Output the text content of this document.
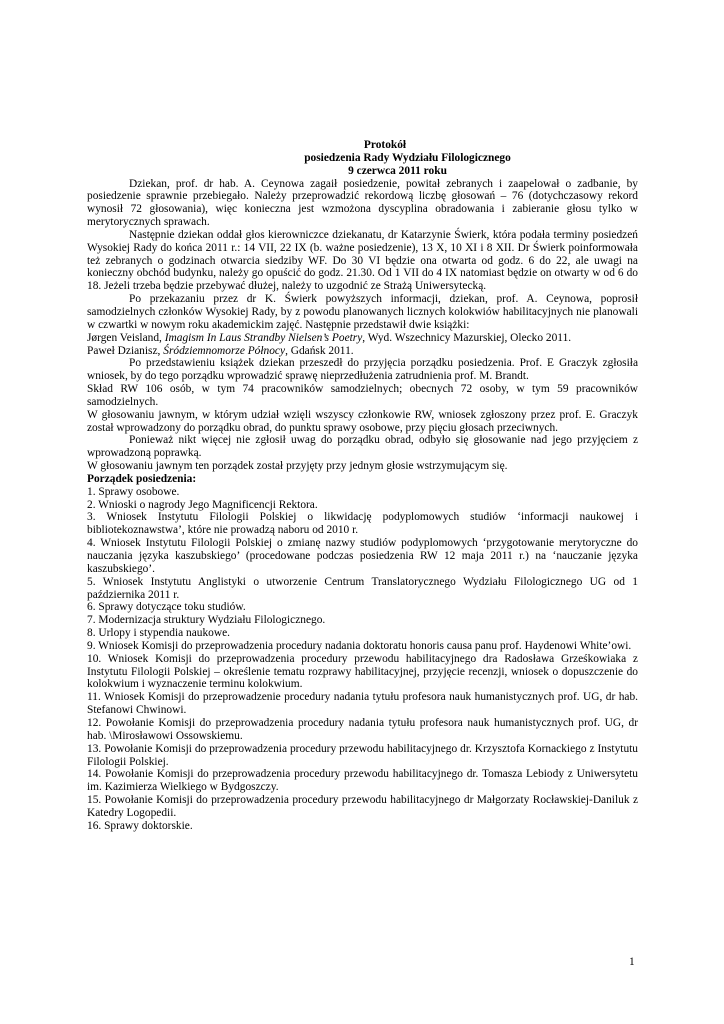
Protokół
posiedzenia Rady Wydziału Filologicznego
9 czerwca 2011 roku

Dziekan, prof. dr hab. A. Ceynowa zagaił posiedzenie, powitał zebranych i zaapelował o zadbanie, by posiedzenie sprawnie przebiegało. Należy przeprowadzić rekordową liczbę głosowań – 76 (dotychczasowy rekord wynosił 72 głosowania), więc konieczna jest wzmożona dyscyplina obradowania i zabieranie głosu tylko w merytorycznych sprawach.

Następnie dziekan oddał głos kierowniczce dziekanatu, dr Katarzynie Świerk, która podała terminy posiedzeń Wysokiej Rady do końca 2011 r.: 14 VII, 22 IX (b. ważne posiedzenie), 13 X, 10 XI i 8 XII. Dr Świerk poinformowała też zebranych o godzinach otwarcia siedziby WF. Do 30 VI będzie ona otwarta od godz. 6 do 22, ale uwagi na konieczny obchód budynku, należy go opuścić do godz. 21.30. Od 1 VII do 4 IX natomiast będzie on otwarty w od 6 do 18. Jeżeli trzeba będzie przebywać dłużej, należy to uzgodnić ze Strażą Uniwersytecką.

Po przekazaniu przez dr K. Świerk powyższych informacji, dziekan, prof. A. Ceynowa, poprosił samodzielnych członków Wysokiej Rady, by z powodu planowanych licznych kolokwiów habilitacyjnych nie planowali w czwartki w nowym roku akademickim zajęć. Następnie przedstawił dwie książki:

Jørgen Veisland, Imagism In Laus Strandby Nielsen’s Poetry, Wyd. Wszechnicy Mazurskiej, Olecko 2011.

Paweł Dzianisz, Śródziemnomorze Północy, Gdańsk 2011.

Po przedstawieniu książek dziekan przeszedł do przyjęcia porządku posiedzenia. Prof. E Graczyk zgłosiła wniosek, by do tego porządku wprowadzić sprawę nieprzedłużenia zatrudnienia prof. M. Brandt.

Skład RW 106 osób, w tym 74 pracowników samodzielnych; obecnych 72 osoby, w tym 59 pracowników samodzielnych.

W głosowaniu jawnym, w którym udział wzięli wszyscy członkowie RW, wniosek zgłoszony przez prof. E. Graczyk został wprowadzony do porządku obrad, do punktu sprawy osobowe, przy pięciu głosach przeciwnych.

Ponieważ nikt więcej nie zgłosił uwag do porządku obrad, odbyło się głosowanie nad jego przyjęciem z wprowadzoną poprawką.

W głosowaniu jawnym ten porządek został przyjęty przy jednym głosie wstrzymującym się.

Porządek posiedzenia:

1. Sprawy osobowe.

2. Wnioski o nagrody Jego Magnificencji Rektora.

3. Wniosek Instytutu Filologii Polskiej o likwidację podyplomowych studiów ‘informacji naukowej i bibliotekoznawstwa’, które nie prowadzą naboru od 2010 r.

4. Wniosek Instytutu Filologii Polskiej o zmianę nazwy studiów podyplomowych ‘przygotowanie merytoryczne do nauczania języka kaszubskiego’ (procedowane podczas posiedzenia RW 12 maja 2011 r.) na ‘nauczanie języka kaszubskiego’.

5. Wniosek Instytutu Anglistyki o utworzenie Centrum Translatorycznego Wydziału Filologicznego UG od 1 października 2011 r.

6. Sprawy dotyczące toku studiów.

7. Modernizacja struktury Wydziału Filologicznego.

8. Urlopy i stypendia naukowe.

9. Wniosek Komisji do przeprowadzenia procedury nadania doktoratu honoris causa panu prof. Haydenowi White’owi.

10. Wniosek Komisji do przeprowadzenia procedury przewodu habilitacyjnego dra Radosława Grześkowiaka z Instytutu Filologii Polskiej – określenie tematu rozprawy habilitacyjnej, przyjęcie recenzji, wniosek o dopuszczenie do kolokwium i wyznaczenie terminu kolokwium.

11. Wniosek Komisji do przeprowadzenie procedury nadania tytułu profesora nauk humanistycznych prof. UG, dr hab. Stefanowi Chwinowi.

12. Powołanie Komisji do przeprowadzenia procedury nadania tytułu profesora nauk humanistycznych prof. UG, dr hab. \Mirosławowi Ossowskiemu.

13. Powołanie Komisji do przeprowadzenia procedury przewodu habilitacyjnego dr. Krzysztofa Kornackiego z Instytutu Filologii Polskiej.

14. Powołanie Komisji do przeprowadzenia procedury przewodu habilitacyjnego dr. Tomasza Lebiody z Uniwersytetu im. Kazimierza Wielkiego w Bydgoszczy.

15. Powołanie Komisji do przeprowadzenia procedury przewodu habilitacyjnego dr Małgorzaty Rocławskiej-Daniluk z Katedry Logopedii.

16. Sprawy doktorskie.

1
